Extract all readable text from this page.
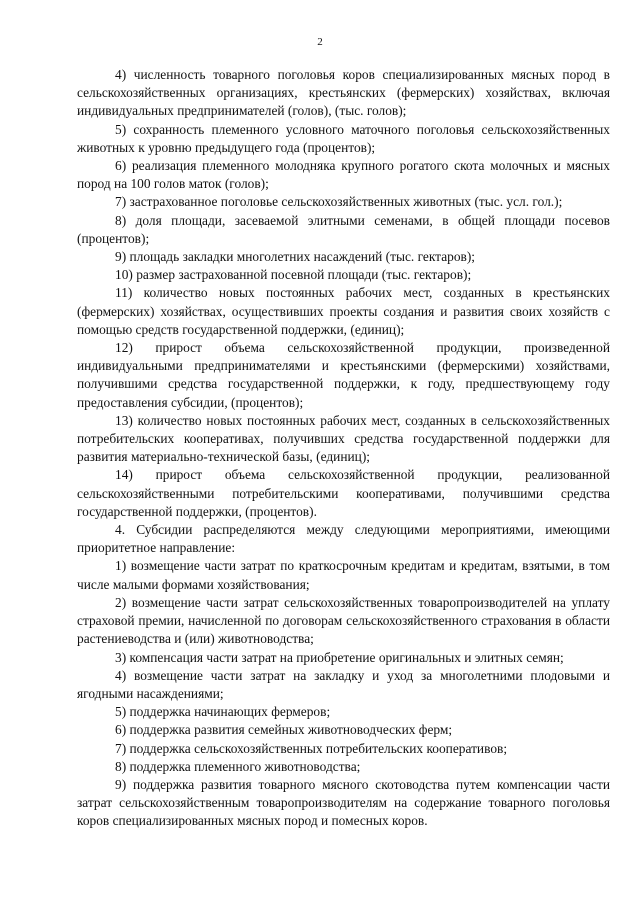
2

4) численность товарного поголовья коров специализированных мясных пород в сельскохозяйственных организациях, крестьянских (фермерских) хозяйствах, включая индивидуальных предпринимателей (голов), (тыс. голов);

5) сохранность племенного условного маточного поголовья сельскохозяйственных животных к уровню предыдущего года (процентов);

6) реализация племенного молодняка крупного рогатого скота молочных и мясных пород на 100 голов маток (голов);

7) застрахованное поголовье сельскохозяйственных животных (тыс. усл. гол.);

8) доля площади, засеваемой элитными семенами, в общей площади посевов (процентов);

9) площадь закладки многолетних насаждений (тыс. гектаров);

10) размер застрахованной посевной площади (тыс. гектаров);

11) количество новых постоянных рабочих мест, созданных в крестьянских (фермерских) хозяйствах, осуществивших проекты создания и развития своих хозяйств с помощью средств государственной поддержки, (единиц);

12) прирост объема сельскохозяйственной продукции, произведенной индивидуальными предпринимателями и крестьянскими (фермерскими) хозяйствами, получившими средства государственной поддержки, к году, предшествующему году предоставления субсидии, (процентов);

13) количество новых постоянных рабочих мест, созданных в сельскохозяйственных потребительских кооперативах, получивших средства государственной поддержки для развития материально-технической базы, (единиц);

14) прирост объема сельскохозяйственной продукции, реализованной сельскохозяйственными потребительскими кооперативами, получившими средства государственной поддержки, (процентов).

4. Субсидии распределяются между следующими мероприятиями, имеющими приоритетное направление:

1) возмещение части затрат по краткосрочным кредитам и кредитам, взятыми, в том числе малыми формами хозяйствования;

2) возмещение части затрат сельскохозяйственных товаропроизводителей на уплату страховой премии, начисленной по договорам сельскохозяйственного страхования в области растениеводства и (или) животноводства;

3) компенсация части затрат на приобретение оригинальных и элитных семян;

4) возмещение части затрат на закладку и уход за многолетними плодовыми и ягодными насаждениями;

5) поддержка начинающих фермеров;

6) поддержка развития семейных животноводческих ферм;

7) поддержка сельскохозяйственных потребительских кооперативов;

8) поддержка племенного животноводства;

9) поддержка развития товарного мясного скотоводства путем компенсации части затрат сельскохозяйственным товаропроизводителям на содержание товарного поголовья коров специализированных мясных пород и помесных коров.
